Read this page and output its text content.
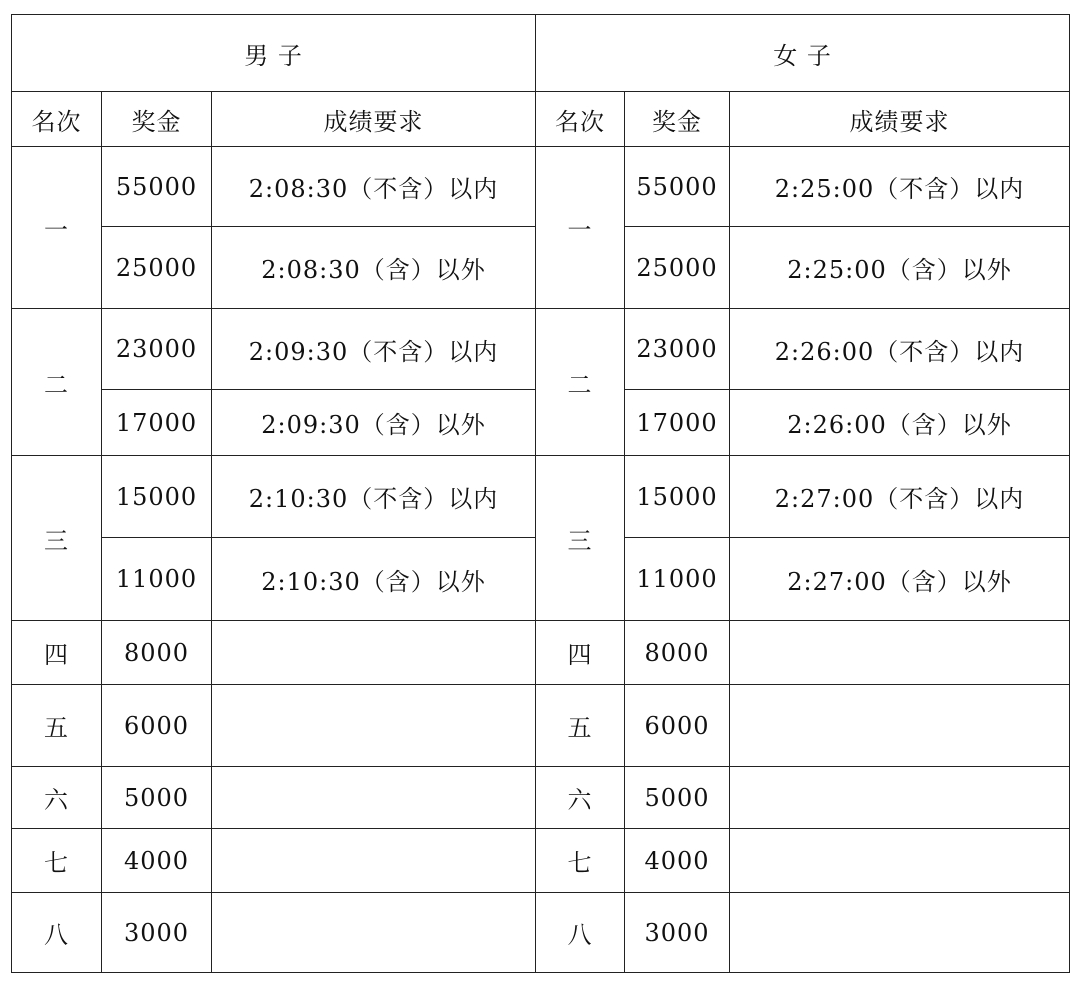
男 子			女 子		
名次	奖金	成绩要求	名次	奖金	成绩要求
一	55000	2:08:30（不含）以内	一	55000	2:25:00（不含）以内
	25000	2:08:30（含）以外		25000	2:25:00（含）以外
二	23000	2:09:30（不含）以内	二	23000	2:26:00（不含）以内
	17000	2:09:30（含）以外		17000	2:26:00（含）以外
三	15000	2:10:30（不含）以内	三	15000	2:27:00（不含）以内
	11000	2:10:30（含）以外		11000	2:27:00（含）以外
四	8000		四	8000	
五	6000		五	6000	
六	5000		六	5000	
七	4000		七	4000	
八	3000		八	3000	
